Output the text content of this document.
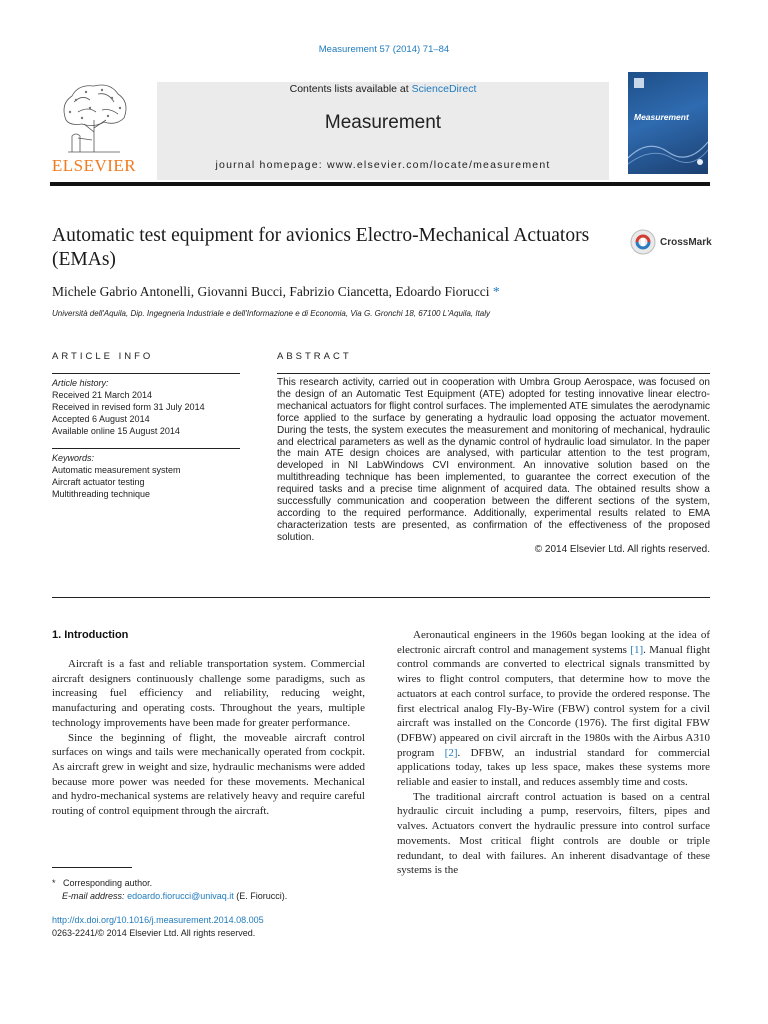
Measurement 57 (2014) 71–84
ELSEVIER
Contents lists available at ScienceDirect
Measurement
journal homepage: www.elsevier.com/locate/measurement
Measurement
Automatic test equipment for avionics Electro-Mechanical Actuators (EMAs)
CrossMark
Michele Gabrio Antonelli, Giovanni Bucci, Fabrizio Ciancetta, Edoardo Fiorucci *
Università dell'Aquila, Dip. Ingegneria Industriale e dell'Informazione e di Economia, Via G. Gronchi 18, 67100 L'Aquila, Italy
ARTICLE INFO	ABSTRACT
Article history:
Received 21 March 2014
Received in revised form 31 July 2014
Accepted 6 August 2014
Available online 15 August 2014
Keywords:
Automatic measurement system
Aircraft actuator testing
Multithreading technique
This research activity, carried out in cooperation with Umbra Group Aerospace, was focused on the design of an Automatic Test Equipment (ATE) adopted for testing innovative linear electro-mechanical actuators for flight control surfaces. The implemented ATE simulates the aerodynamic force applied to the surface by generating a hydraulic load opposing the actuator movement. During the tests, the system executes the measurement and monitoring of mechanical, hydraulic and electrical parameters as well as the dynamic control of hydraulic load simulator. In the paper the main ATE design choices are analysed, with particular attention to the test program, developed in NI LabWindows CVI environment. An innovative solution based on the multithreading technique has been implemented, to guarantee the correct execution of the required tasks and a precise time alignment of acquired data. The obtained results show a successfully communication and cooperation between the different sections of the system, according to the required performance. Additionally, experimental results related to EMA characterization tests are presented, as confirmation of the effectiveness of the proposed solution.
© 2014 Elsevier Ltd. All rights reserved.
1. Introduction

Aircraft is a fast and reliable transportation system. Commercial aircraft designers continuously challenge some paradigms, such as increasing fuel efficiency and reliability, reducing weight, manufacturing and operating costs. Throughout the years, multiple technology improvements have been made for greater performance.

Since the beginning of flight, the moveable aircraft control surfaces on wings and tails were mechanically operated from cockpit. As aircraft grew in weight and size, hydraulic mechanisms were added because more power was needed for these movements. Mechanical and hydro-mechanical systems are relatively heavy and require careful routing of control equipment through the aircraft.

Aeronautical engineers in the 1960s began looking at the idea of electronic aircraft control and management systems [1]. Manual flight control commands are converted to electrical signals transmitted by wires to flight control computers, that determine how to move the actuators at each control surface, to provide the ordered response. The first electrical analog Fly-By-Wire (FBW) control system for a civil aircraft was installed on the Concorde (1976). The first digital FBW (DFBW) appeared on civil aircraft in the 1980s with the Airbus A310 program [2]. DFBW, an industrial standard for commercial applications today, takes up less space, makes these systems more reliable and easier to install, and reduces assembly time and costs.

The traditional aircraft control actuation is based on a central hydraulic circuit including a pump, reservoirs, filters, pipes and valves. Actuators convert the hydraulic pressure into control surface movements. Most critical flight controls are double or triple redundant, to deal with failures. An inherent disadvantage of these systems is the

* Corresponding author.
E-mail address: edoardo.fiorucci@univaq.it (E. Fiorucci).
http://dx.doi.org/10.1016/j.measurement.2014.08.005
0263-2241/© 2014 Elsevier Ltd. All rights reserved.
